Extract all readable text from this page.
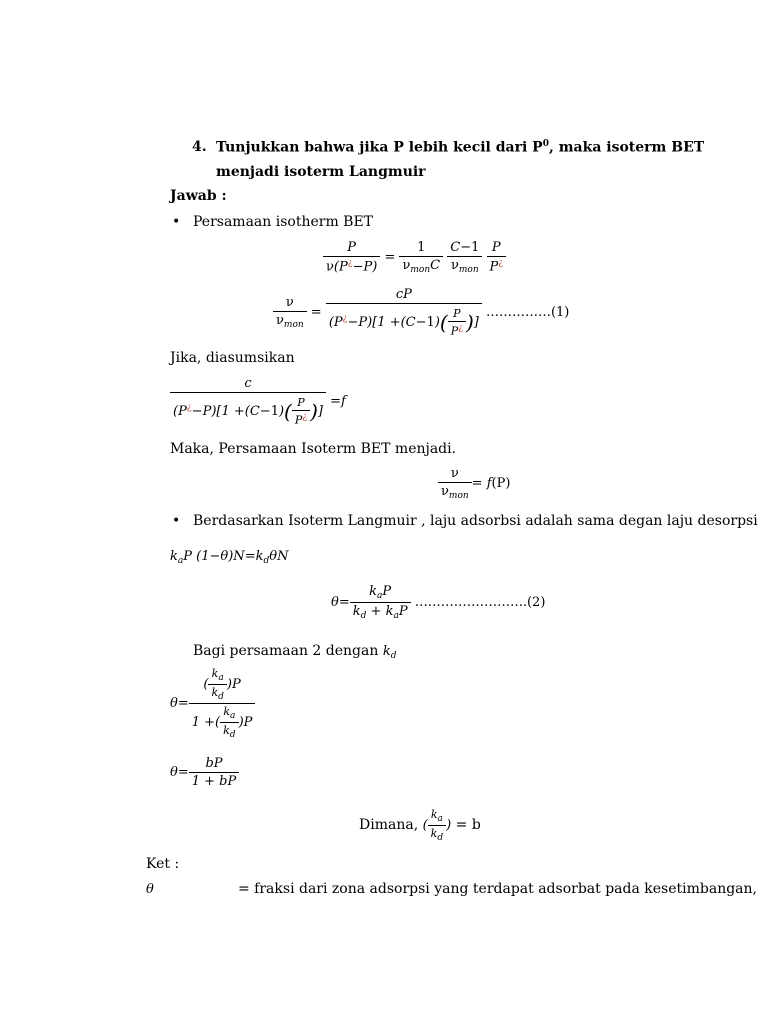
4. Tunjukkan bahwa jika P lebih kecil dari $P^0$, maka isoterm BET
menjadi isoterm Langmuir
Jawab :
• Persamaan isotherm BET
$\frac{P}{\nu(P^¿-P)} = \frac{1}{\nu_{mon}C}$
$\frac{C-1}{\nu_{mon}}$
$\frac{P}{P^¿}$
$\frac{\nu}{\nu_{mon}} = \frac{cP}{(P^¿-P)[1 +(C-1)( \frac{P}{P^¿} )]}$ ……………(1)
Jika, diasumsikan
$\frac{c}{(P^¿-P)[1 +(C-1)( \frac{P}{P^¿} )]} =f$
Maka, Persamaan Isoterm BET menjadi.
$\frac{\nu}{\nu_{mon}} = f(P)$
• Berdasarkan Isoterm Langmuir , laju adsorbsi adalah sama degan laju desorpsi
$k_aP$ $(1-\theta)N=k_d\theta N$
$\theta= \frac{k_aP}{k_d + k_aP}$ ……………………..(2)
Bagi persamaan 2 dengan $k_d$
$\theta= \frac{( \frac{k_a}{k_d} )P}{1 +( \frac{k_a}{k_d} )P}$
$\theta= \frac{bP}{1 + bP}$
Dimana, ( $\frac{k_a}{k_d}$ ) = b
Ket :
θ	= fraksi dari zona adsorpsi yang terdapat adsorbat pada kesetimbangan,
